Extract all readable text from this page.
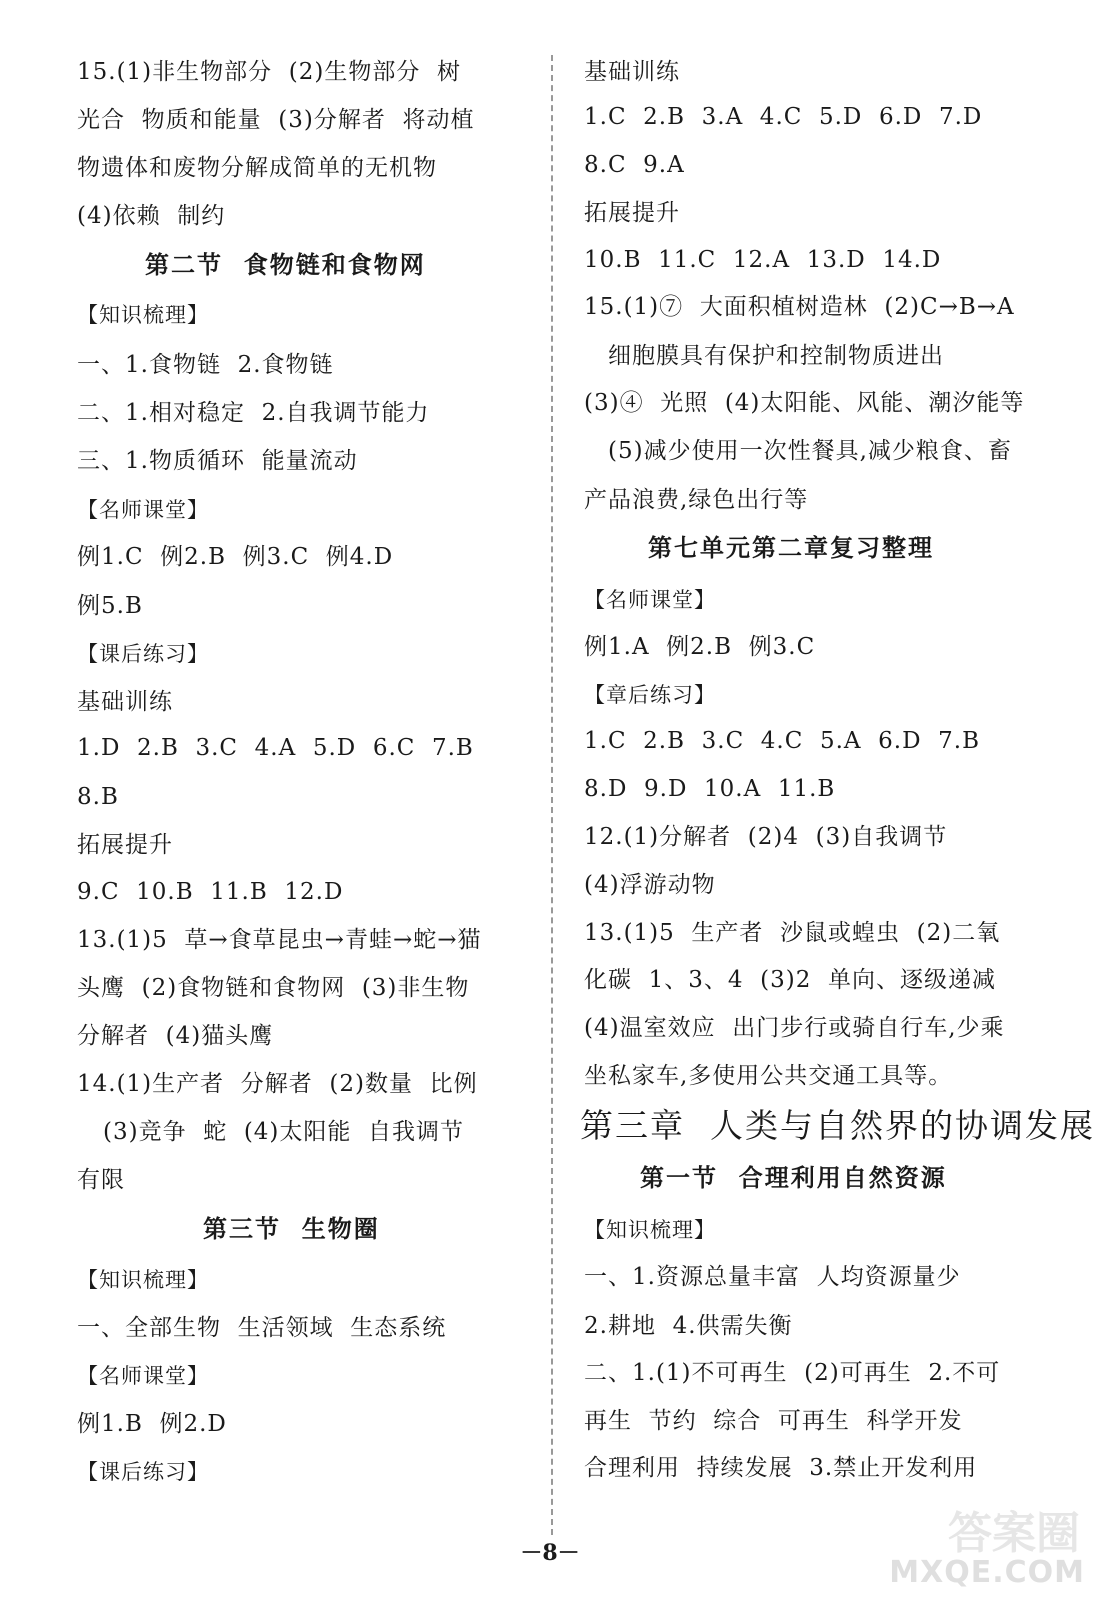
15.(1)非生物部分  (2)生物部分  树
光合  物质和能量  (3)分解者  将动植
物遗体和废物分解成简单的无机物
(4)依赖  制约
第二节  食物链和食物网
【知识梳理】
一、1.食物链  2.食物链
二、1.相对稳定  2.自我调节能力
三、1.物质循环  能量流动
【名师课堂】
例1.C  例2.B  例3.C  例4.D
例5.B
【课后练习】
基础训练
1.D  2.B  3.C  4.A  5.D  6.C  7.B
8.B
拓展提升
9.C  10.B  11.B  12.D
13.(1)5  草→食草昆虫→青蛙→蛇→猫
头鹰  (2)食物链和食物网  (3)非生物
分解者  (4)猫头鹰
14.(1)生产者  分解者  (2)数量  比例
(3)竞争  蛇  (4)太阳能  自我调节
有限
第三节  生物圈
【知识梳理】
一、全部生物  生活领域  生态系统
【名师课堂】
例1.B  例2.D
【课后练习】
基础训练
1.C  2.B  3.A  4.C  5.D  6.D  7.D
8.C  9.A
拓展提升
10.B  11.C  12.A  13.D  14.D
15.(1)⑦  大面积植树造林  (2)C→B→A
细胞膜具有保护和控制物质进出
(3)④  光照  (4)太阳能、风能、潮汐能等
(5)减少使用一次性餐具,减少粮食、畜
产品浪费,绿色出行等
第七单元第二章复习整理
【名师课堂】
例1.A  例2.B  例3.C
【章后练习】
1.C  2.B  3.C  4.C  5.A  6.D  7.B
8.D  9.D  10.A  11.B
12.(1)分解者  (2)4  (3)自我调节
(4)浮游动物
13.(1)5  生产者  沙鼠或蝗虫  (2)二氧
化碳  1、3、4  (3)2  单向、逐级递减
(4)温室效应  出门步行或骑自行车,少乘
坐私家车,多使用公共交通工具等。
第三章  人类与自然界的协调发展
第一节  合理利用自然资源
【知识梳理】
一、1.资源总量丰富  人均资源量少
2.耕地  4.供需失衡
二、1.(1)不可再生  (2)可再生  2.不可
再生  节约  综合  可再生  科学开发
合理利用  持续发展  3.禁止开发利用
－8－	答案圈
MXQE.COM
